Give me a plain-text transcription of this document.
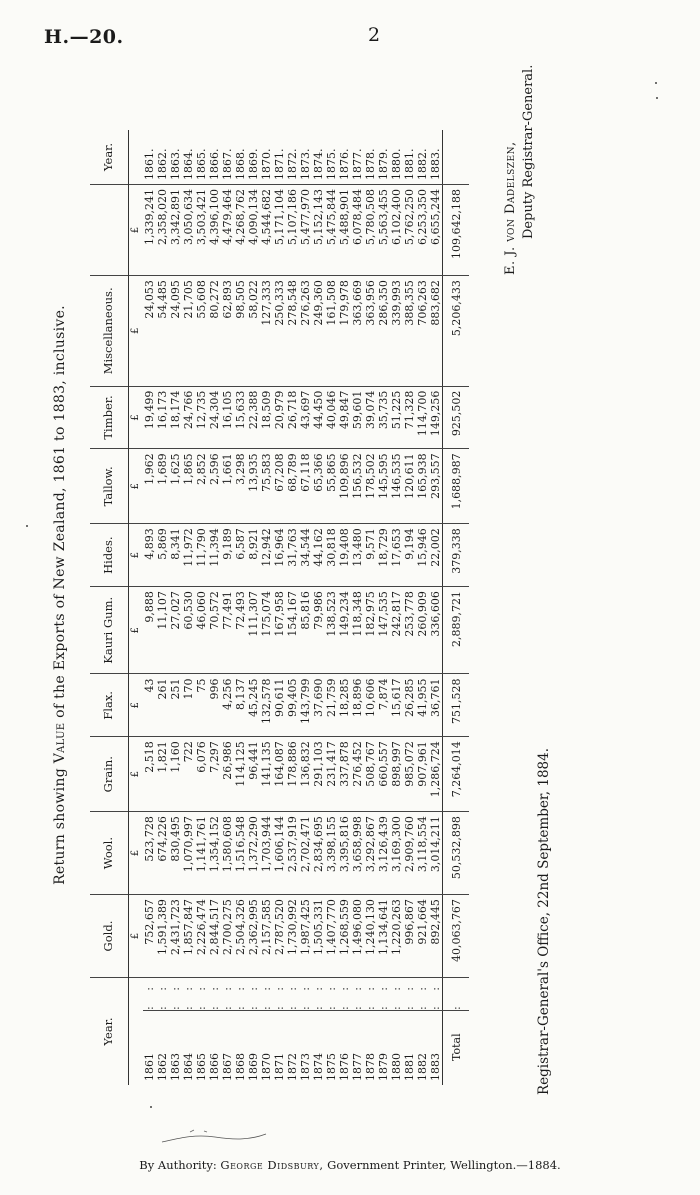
H.—20.	2
Return showing Value of the Exports of New Zealand, 1861 to 1883, inclusive.
Year.		Gold.	Wool.	Grain.	Flax.	Kauri Gum.	Hides.	Tallow.	Timber.	Miscellaneous.		Year.
		£	£	£	£	£	£	£	£	£	£	
1861	: :	752,657	523,728	2,518	43	9,888	4,893	1,962	19,499	24,053	1,339,241	1861.
1862	: :	1,591,389	674,226	1,821	261	11,107	5,869	1,689	16,173	54,485	2,358,020	1862.
1863	: :	2,431,723	830,495	1,160	251	27,027	8,341	1,625	18,174	24,095	3,342,891	1863.
1864	: :	1,857,847	1,070,997	722	170	60,530	11,972	1,865	24,766	21,705	3,050,634	1864.
1865	: :	2,226,474	1,141,761	6,076	75	46,060	11,790	2,852	12,735	55,608	3,503,421	1865.
1866	: :	2,844,517	1,354,152	7,297	996	70,572	11,394	2,596	24,304	80,272	4,396,100	1866.
1867	: :	2,700,275	1,580,608	26,986	4,256	77,491	9,189	1,661	16,105	62,893	4,479,464	1867.
1868	: :	2,504,326	1,516,548	114,125	8,137	72,493	6,587	3,298	15,633	98,505	4,268,762	1868.
1869	: :	2,362,995	1,372,290	96,441	45,245	111,307	8,921	13,935	22,388	58,022	4,090,134	1869.
1870	: :	2,157,585	1,703,944	141,135	132,578	175,074	12,942	75,583	18,509	127,333	4,544,682	1870.
1871	: :	2,787,520	1,606,144	164,087	90,611	167,958	16,964	67,208	20,979	250,333	5,171,104	1871.
1872	: :	1,730,992	2,537,919	178,886	99,405	154,167	31,763	68,789	26,718	278,548	5,107,186	1872.
1873	: :	1,987,425	2,702,471	136,832	143,799	85,816	34,544	67,118	43,697	276,263	5,477,970	1873.
1874	: :	1,505,331	2,834,695	291,103	37,690	79,986	44,162	65,366	44,450	249,360	5,152,143	1874.
1875	: :	1,407,770	3,398,155	231,417	21,759	138,523	30,818	55,865	40,046	161,508	5,475,844	1875.
1876	: :	1,268,559	3,395,816	337,878	18,285	149,234	19,408	109,896	49,847	179,978	5,488,901	1876.
1877	: :	1,496,080	3,658,998	276,452	18,896	118,348	13,480	156,532	59,601	363,669	6,078,484	1877.
1878	: :	1,240,130	3,292,867	508,767	10,606	182,975	9,571	178,502	39,074	363,956	5,780,508	1878.
1879	: :	1,134,641	3,126,439	660,557	7,874	147,535	18,729	145,595	35,735	286,350	5,563,455	1879.
1880	: :	1,220,263	3,169,300	898,997	15,617	242,817	17,653	146,535	51,225	339,993	6,102,400	1880.
1881	: :	996,867	2,909,760	985,072	26,285	253,778	9,194	120,611	71,328	388,355	5,762,250	1881.
1882	: :	921,664	3,118,554	907,961	41,955	260,909	15,946	165,938	114,700	706,263	6,253,350	1882.
1883	: :	892,445	3,014,211	1,286,724	36,761	336,606	22,002	293,557	149,256	883,682	6,655,244	1883.
Total	:	40,063,767	50,532,898	7,264,014	751,528	2,889,721	379,338	1,688,987	925,502	5,206,433	109,642,188	
Registrar-General's Office, 22nd September, 1884.
E. J. von Dadelszen, Deputy Registrar-General.
By Authority: George Didsbury, Government Printer, Wellington.—1884.
